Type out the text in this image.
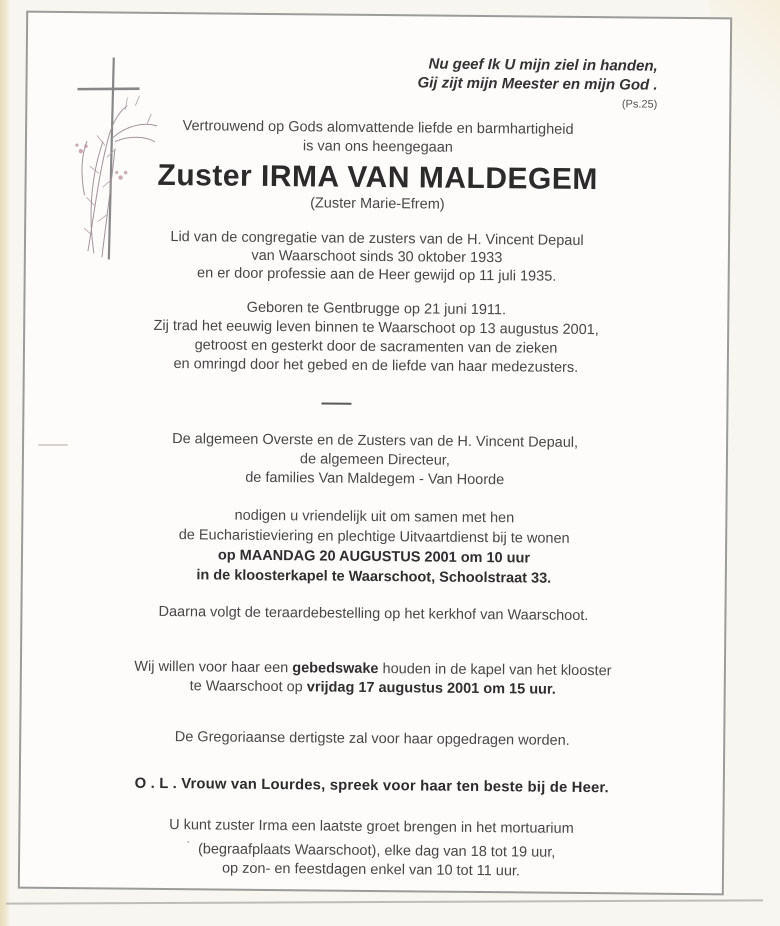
Nu geef Ik U mijn ziel in handen,
Gij zijt mijn Meester en mijn God .
(Ps.25)
Vertrouwend op Gods alomvattende liefde en barmhartigheid
is van ons heengegaan
Zuster IRMA VAN MALDEGEM
(Zuster Marie-Efrem)
Lid van de congregatie van de zusters van de H. Vincent Depaul
van Waarschoot sinds 30 oktober 1933
en er door professie aan de Heer gewijd op 11 juli 1935.
Geboren te Gentbrugge op 21 juni 1911.
Zij trad het eeuwig leven binnen te Waarschoot op 13 augustus 2001,
getroost en gesterkt door de sacramenten van de zieken
en omringd door het gebed en de liefde van haar medezusters.
De algemeen Overste en de Zusters van de H. Vincent Depaul,
de algemeen Directeur,
de families Van Maldegem - Van Hoorde
nodigen u vriendelijk uit om samen met hen
de Eucharistieviering en plechtige Uitvaartdienst bij te wonen
op MAANDAG 20 AUGUSTUS 2001 om 10 uur
in de kloosterkapel te Waarschoot, Schoolstraat 33.
Daarna volgt de teraardebestelling op het kerkhof van Waarschoot.
Wij willen voor haar een gebedswake houden in de kapel van het klooster
te Waarschoot op vrijdag 17 augustus 2001 om 15 uur.
De Gregoriaanse dertigste zal voor haar opgedragen worden.
O . L . Vrouw van Lourdes, spreek voor haar ten beste bij de Heer.
U kunt zuster Irma een laatste groet brengen in het mortuarium
’ (begraafplaats Waarschoot), elke dag van 18 tot 19 uur,
op zon- en feestdagen enkel van 10 tot 11 uur.
